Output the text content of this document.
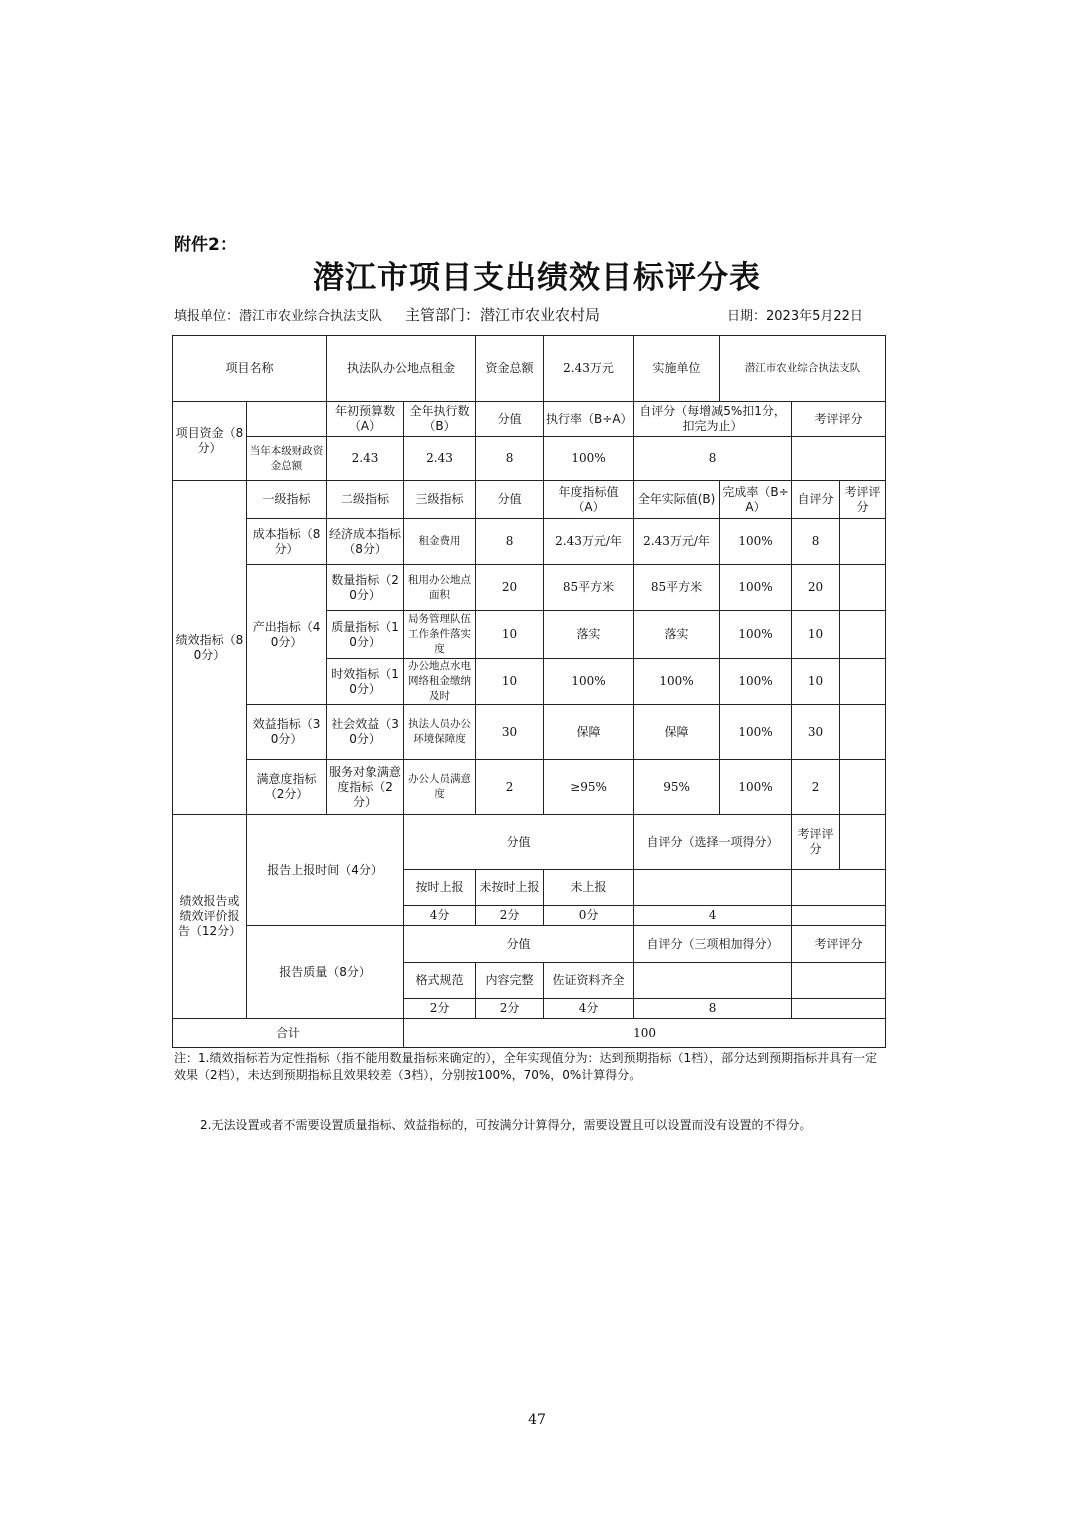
附件2：
潜江市项目支出绩效目标评分表
填报单位：潜江市农业综合执法支队 主管部门：潜江市农业农村局	日期：2023年5月22日
项目名称		执法队办公地点租金		资金总额	2.43万元	实施单位	潜江市农业综合执法支队		
项目资金（8分）		年初预算数（A）	全年执行数（B）	分值	执行率（B÷A）	自评分（每增减5%扣1分，扣完为止）		考评评分	
	当年本级财政资金总额	2.43	2.43	8	100%	8			
绩效指标（80分）	一级指标	二级指标	三级指标	分值	年度指标值（A）	全年实际值(B)	完成率（B÷A）	自评分	考评评分
	成本指标（8分）	经济成本指标（8分）	租金费用	8	2.43万元/年	2.43万元/年	100%	8	
	产出指标（40分）	数量指标（20分）	租用办公地点面积	20	85平方米	85平方米	100%	20	
		质量指标（10分）	局务管理队伍工作条件落实度	10	落实	落实	100%	10	
		时效指标（10分）	办公地点水电网络租金缴纳及时	10	100%	100%	100%	10	
	效益指标（30分）	社会效益（30分）	执法人员办公环境保障度	30	保障	保障	100%	30	
	满意度指标（2分）	服务对象满意度指标（2分）	办公人员满意度	2	≥95%	95%	100%	2	
绩效报告或绩效评价报告（12分）	报告上报时间（4分）		分值			自评分（选择一项得分）		考评评分	
			按时上报	未按时上报	未上报				
			4分	2分	0分	4			
	报告质量（8分）		分值			自评分（三项相加得分）		考评评分	
			格式规范	内容完整	佐证资料齐全				
			2分	2分	4分	8			
合计			100						
注：1.绩效指标若为定性指标（指不能用数量指标来确定的），全年实现值分为：达到预期指标（1档），部分达到预期指标并具有一定效果（2档），未达到预期指标且效果较差（3档），分别按100%，70%，0%计算得分。
2.无法设置或者不需要设置质量指标、效益指标的，可按满分计算得分，需要设置且可以设置而没有设置的不得分。
47
